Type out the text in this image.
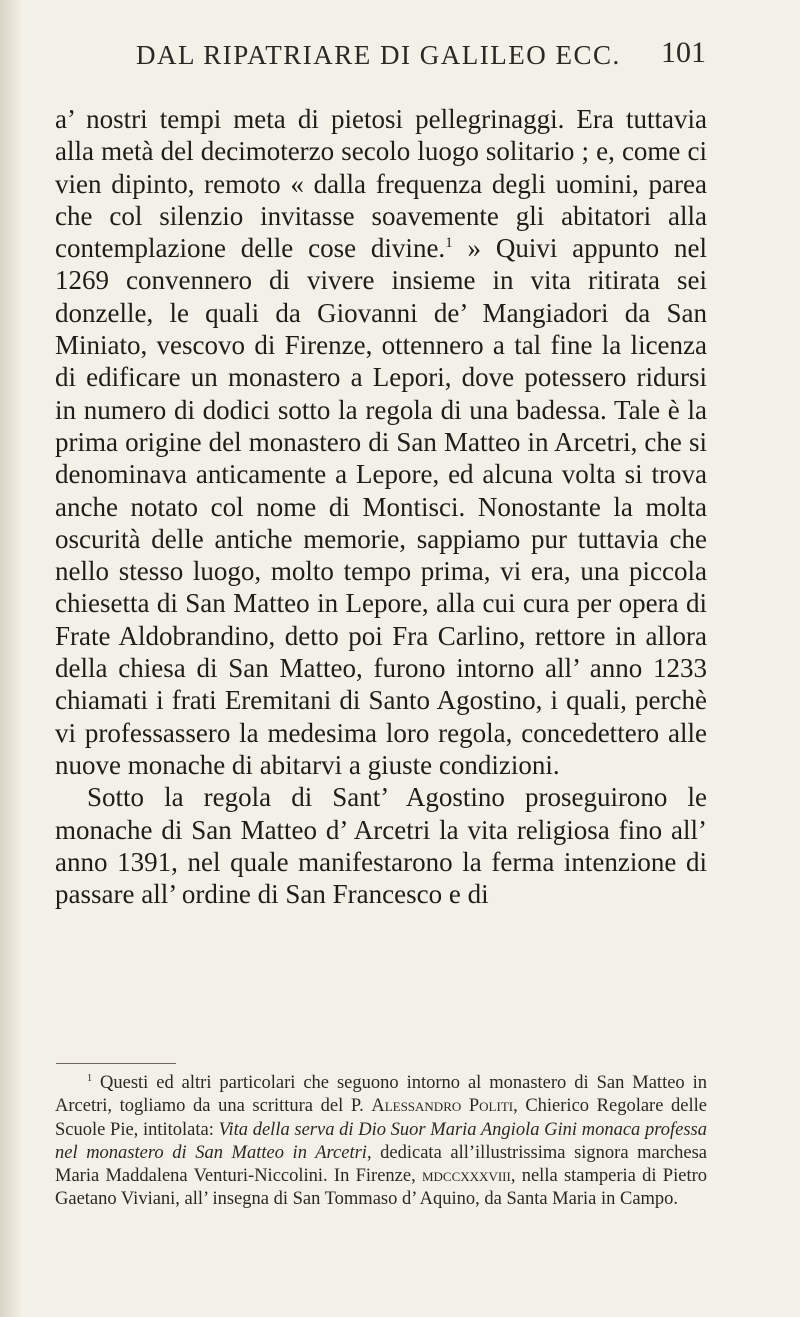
DAL RIPATRIARE DI GALILEO ECC. 101

a’ nostri tempi meta di pietosi pellegrinaggi. Era tuttavia alla metà del decimoterzo secolo luogo solitario ; e, come ci vien dipinto, remoto « dalla frequenza degli uomini, parea che col silenzio invitasse soavemente gli abitatori alla contemplazione delle cose divine.$^1$ » Quivi appunto nel 1269 convennero di vivere insieme in vita ritirata sei donzelle, le quali da Giovanni de’ Mangiadori da San Miniato, vescovo di Firenze, ottennero a tal fine la licenza di edificare un monastero a Lepori, dove potessero ridursi in numero di dodici sotto la regola di una badessa. Tale è la prima origine del monastero di San Matteo in Arcetri, che si denominava anticamente a Lepore, ed alcuna volta si trova anche notato col nome di Montisci. Nonostante la molta oscurità delle antiche memorie, sappiamo pur tuttavia che nello stesso luogo, molto tempo prima, vi era, una piccola chiesetta di San Matteo in Lepore, alla cui cura per opera di Frate Aldobrandino, detto poi Fra Carlino, rettore in allora della chiesa di San Matteo, furono intorno all’ anno 1233 chiamati i frati Eremitani di Santo Agostino, i quali, perchè vi professassero la medesima loro regola, concedettero alle nuove monache di abitarvi a giuste condizioni.

Sotto la regola di Sant’ Agostino proseguirono le monache di San Matteo d’ Arcetri la vita religiosa fino all’ anno 1391, nel quale manifestarono la ferma intenzione di passare all’ ordine di San Francesco e di

$^1$ Questi ed altri particolari che seguono intorno al monastero di San Matteo in Arcetri, togliamo da una scrittura del P. Alessandro Politi, Chierico Regolare delle Scuole Pie, intitolata: Vita della serva di Dio Suor Maria Angiola Gini monaca professa nel monastero di San Matteo in Arcetri, dedicata all’illustrissima signora marchesa Maria Maddalena Venturi-Niccolini. In Firenze, mdccxxxviii, nella stamperia di Pietro Gaetano Viviani, all’ insegna di San Tommaso d’ Aquino, da Santa Maria in Campo.
